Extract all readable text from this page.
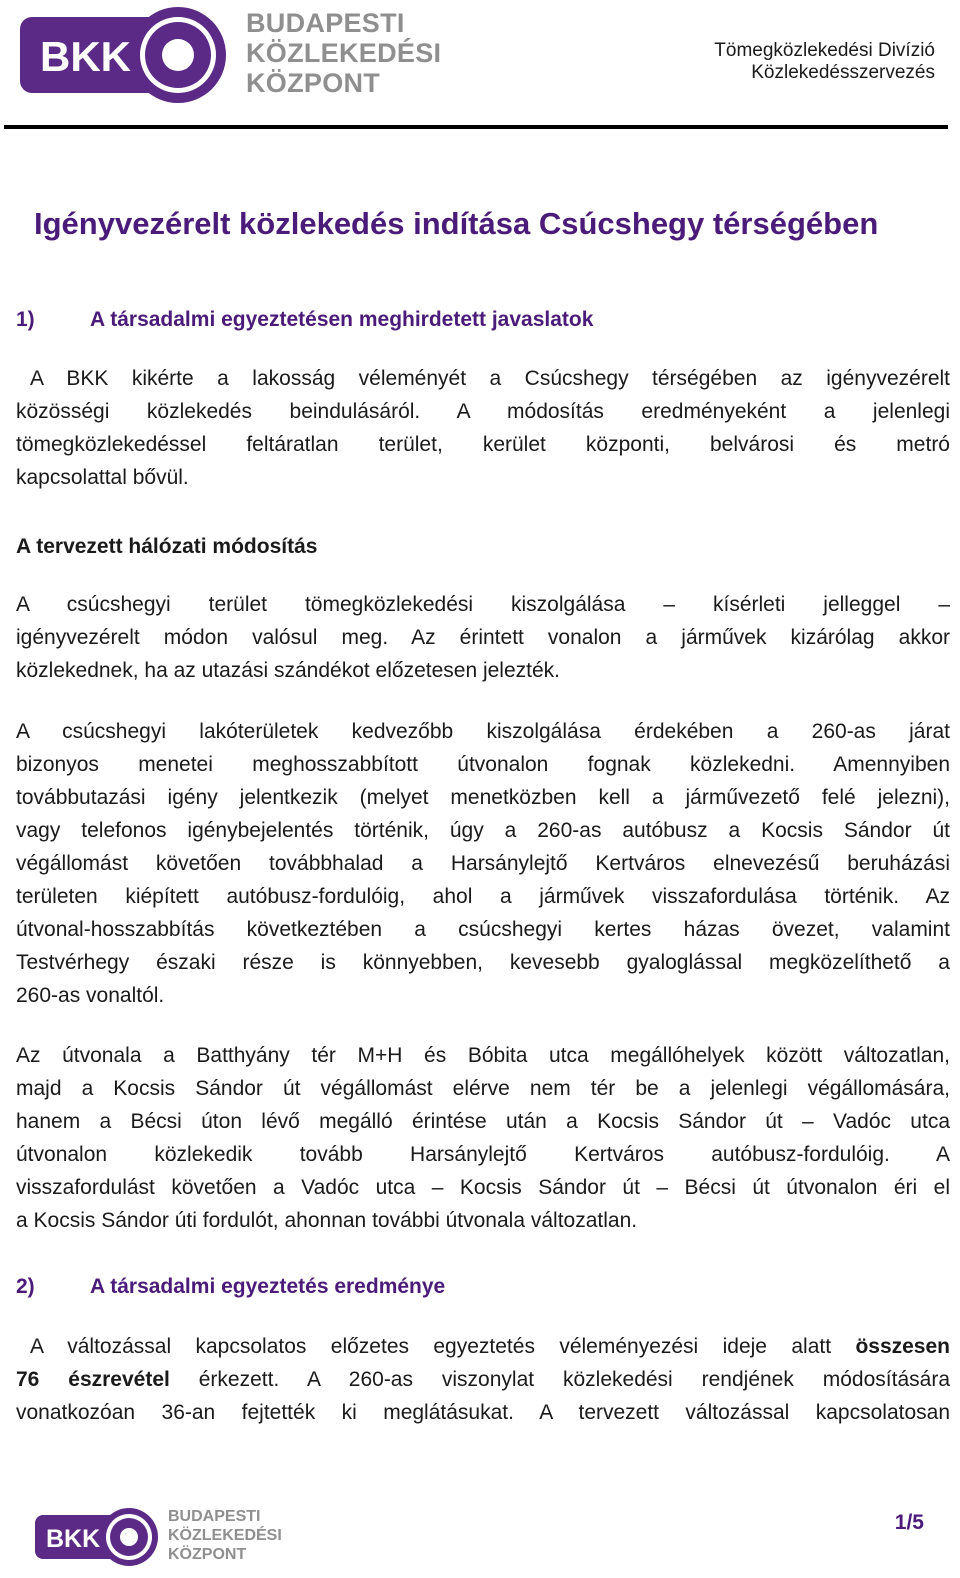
BKK
BUDAPESTI
KÖZLEKEDÉSI
KÖZPONT
Tömegközlekedési Divízió
Közlekedésszervezés
Igényvezérelt közlekedés indítása Csúcshegy térségében
1)	A társadalmi egyeztetésen meghirdetett javaslatok
A BKK kikérte a lakosság véleményét a Csúcshegy térségében az igényvezérelt
közösségi közlekedés beindulásáról. A módosítás eredményeként a jelenlegi
tömegközlekedéssel feltáratlan terület, kerület központi, belvárosi és metró
kapcsolattal bővül.
A tervezett hálózati módosítás
A csúcshegyi terület tömegközlekedési kiszolgálása – kísérleti jelleggel –
igényvezérelt módon valósul meg. Az érintett vonalon a járművek kizárólag akkor
közlekednek, ha az utazási szándékot előzetesen jelezték.
A csúcshegyi lakóterületek kedvezőbb kiszolgálása érdekében a 260-as járat
bizonyos menetei meghosszabbított útvonalon fognak közlekedni. Amennyiben
továbbutazási igény jelentkezik (melyet menetközben kell a járművezető felé jelezni),
vagy telefonos igénybejelentés történik, úgy a 260-as autóbusz a Kocsis Sándor út
végállomást követően továbbhalad a Harsánylejtő Kertváros elnevezésű beruházási
területen kiépített autóbusz-fordulóig, ahol a járművek visszafordulása történik. Az
útvonal-hosszabbítás következtében a csúcshegyi kertes házas övezet, valamint
Testvérhegy északi része is könnyebben, kevesebb gyaloglással megközelíthető a
260-as vonaltól.
Az útvonala a Batthyány tér M+H és Bóbita utca megállóhelyek között változatlan,
majd a Kocsis Sándor út végállomást elérve nem tér be a jelenlegi végállomására,
hanem a Bécsi úton lévő megálló érintése után a Kocsis Sándor út – Vadóc utca
útvonalon közlekedik tovább Harsánylejtő Kertváros autóbusz-fordulóig. A
visszafordulást követően a Vadóc utca – Kocsis Sándor út – Bécsi út útvonalon éri el
a Kocsis Sándor úti fordulót, ahonnan további útvonala változatlan.
2)	A társadalmi egyeztetés eredménye
A változással kapcsolatos előzetes egyeztetés véleményezési ideje alatt összesen
76 észrevétel érkezett. A 260-as viszonylat közlekedési rendjének módosítására
vonatkozóan 36-an fejtették ki meglátásukat. A tervezett változással kapcsolatosan
BKK
BUDAPESTI
KÖZLEKEDÉSI
KÖZPONT
1/5
